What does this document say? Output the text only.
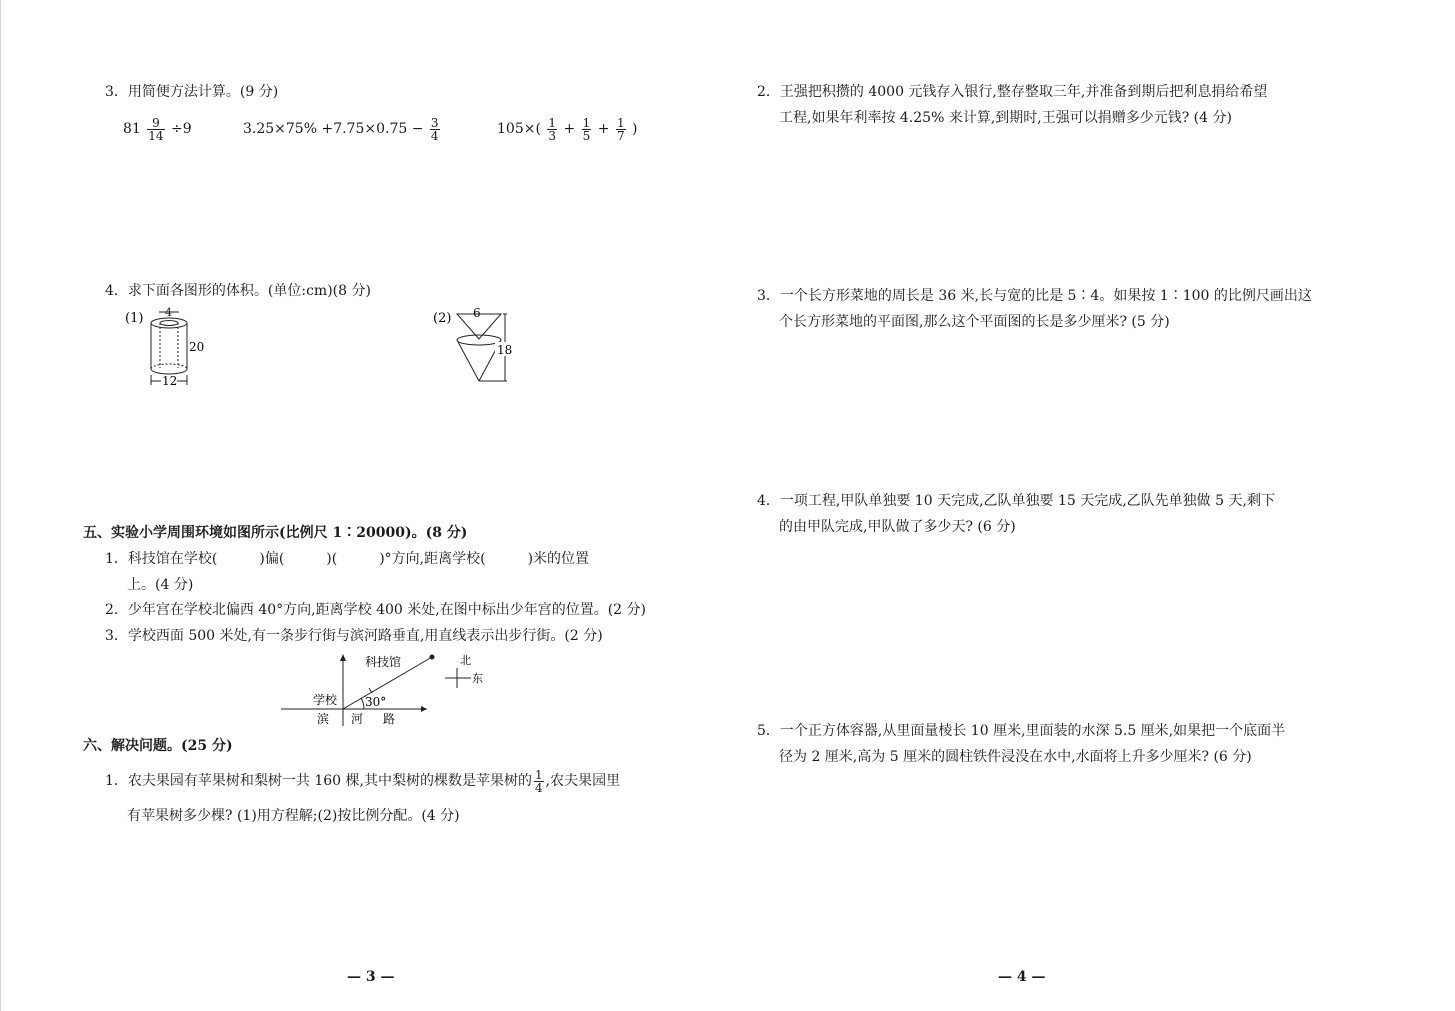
3．用简便方法计算。(9 分)
$81 \frac{9}{14} \div 9$	$3.25\times 75\% +7.75\times 0.75 - \frac{3}{4}$	$105\times( \frac{1}{3} + \frac{1}{5} + \frac{1}{7}$ )
4．求下面各图形的体积。(单位:cm)(8 分)
(1) 4
20
12
(2) 6
18
五、实验小学周围环境如图所示(比例尺 1∶20000)。(8 分)
1．科技馆在学校(　　　)偏(　　　)(　　　)°方向,距离学校(　　　)米的位置
上。(4 分)
2．少年宫在学校北偏西 40°方向,距离学校 400 米处,在图中标出少年宫的位置。(2 分)
3．学校西面 500 米处,有一条步行街与滨河路垂直,用直线表示出步行街。(2 分)
科技馆
学校 30°
滨 河 路
北
东
六、解决问题。(25 分)
1．农夫果园有苹果树和梨树一共 160 棵,其中梨树的棵数是苹果树的 $\frac{1}{4}$ ,农夫果园里
有苹果树多少棵? (1)用方程解;(2)按比例分配。(4 分)
— 3 —
2．王强把积攒的 4000 元钱存入银行,整存整取三年,并准备到期后把利息捐给希望
工程,如果年利率按 4.25% 来计算,到期时,王强可以捐赠多少元钱? (4 分)
3．一个长方形菜地的周长是 36 米,长与宽的比是 5∶4。如果按 1∶100 的比例尺画出这
个长方形菜地的平面图,那么这个平面图的长是多少厘米? (5 分)
4．一项工程,甲队单独要 10 天完成,乙队单独要 15 天完成,乙队先单独做 5 天,剩下
的由甲队完成,甲队做了多少天? (6 分)
5．一个正方体容器,从里面量棱长 10 厘米,里面装的水深 5.5 厘米,如果把一个底面半
径为 2 厘米,高为 5 厘米的圆柱铁件浸没在水中,水面将上升多少厘米? (6 分)
— 4 —
